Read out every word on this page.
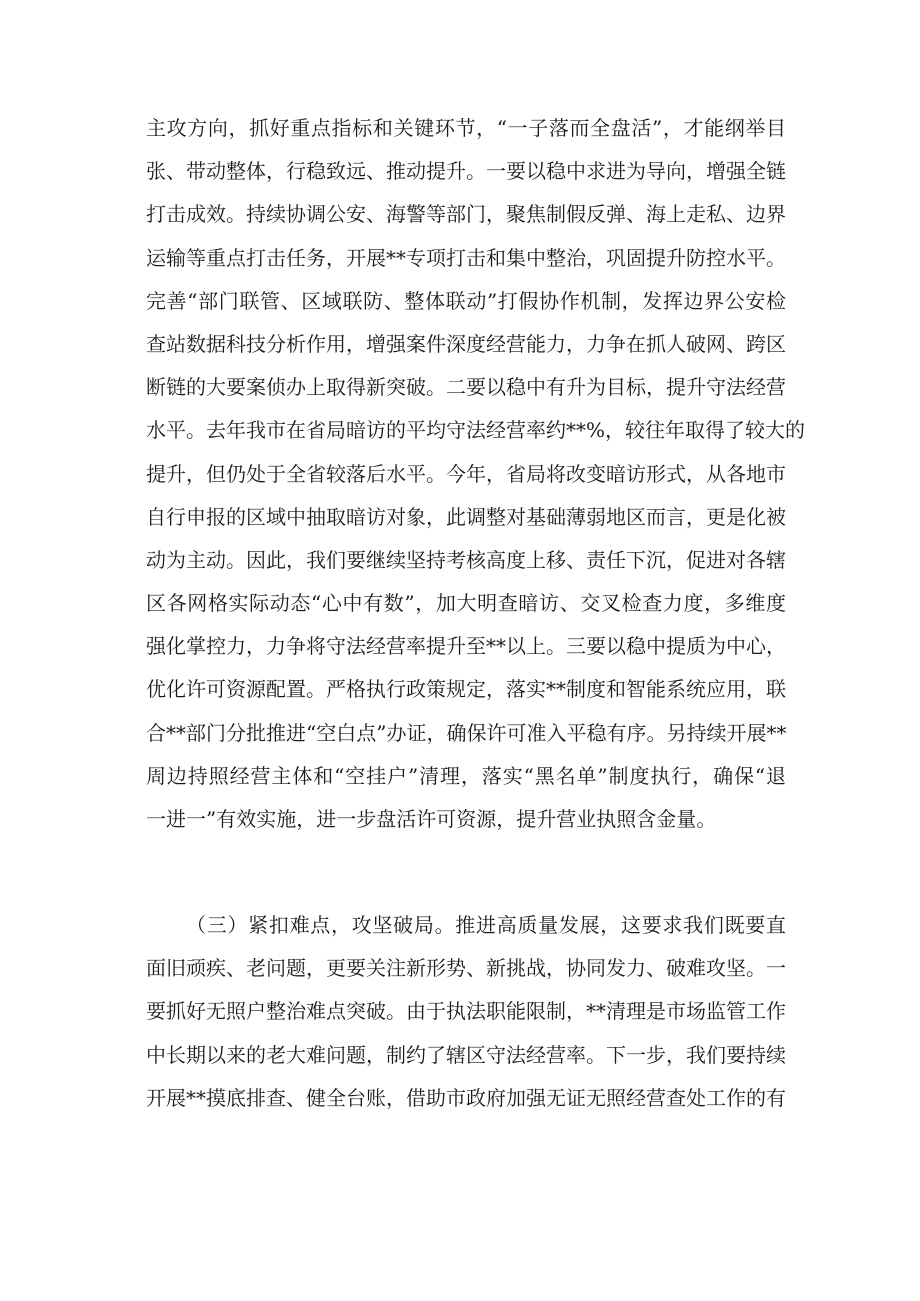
主攻方向，抓好重点指标和关键环节，“一子落而全盘活”，才能纲举目
张、带动整体，行稳致远、推动提升。一要以稳中求进为导向，增强全链
打击成效。持续协调公安、海警等部门，聚焦制假反弹、海上走私、边界
运输等重点打击任务，开展**专项打击和集中整治，巩固提升防控水平。
完善“部门联管、区域联防、整体联动”打假协作机制，发挥边界公安检
查站数据科技分析作用，增强案件深度经营能力，力争在抓人破网、跨区
断链的大要案侦办上取得新突破。二要以稳中有升为目标，提升守法经营
水平。去年我市在省局暗访的平均守法经营率约**%，较往年取得了较大的
提升，但仍处于全省较落后水平。今年，省局将改变暗访形式，从各地市
自行申报的区域中抽取暗访对象，此调整对基础薄弱地区而言，更是化被
动为主动。因此，我们要继续坚持考核高度上移、责任下沉，促进对各辖
区各网格实际动态“心中有数”，加大明查暗访、交叉检查力度，多维度
强化掌控力，力争将守法经营率提升至**以上。三要以稳中提质为中心，
优化许可资源配置。严格执行政策规定，落实**制度和智能系统应用，联
合**部门分批推进“空白点”办证，确保许可准入平稳有序。另持续开展**
周边持照经营主体和“空挂户”清理，落实“黑名单”制度执行，确保“退
一进一”有效实施，进一步盘活许可资源，提升营业执照含金量。
（三）紧扣难点，攻坚破局。推进高质量发展，这要求我们既要直
面旧顽疾、老问题，更要关注新形势、新挑战，协同发力、破难攻坚。一
要抓好无照户整治难点突破。由于执法职能限制，**清理是市场监管工作
中长期以来的老大难问题，制约了辖区守法经营率。下一步，我们要持续
开展**摸底排查、健全台账，借助市政府加强无证无照经营查处工作的有
